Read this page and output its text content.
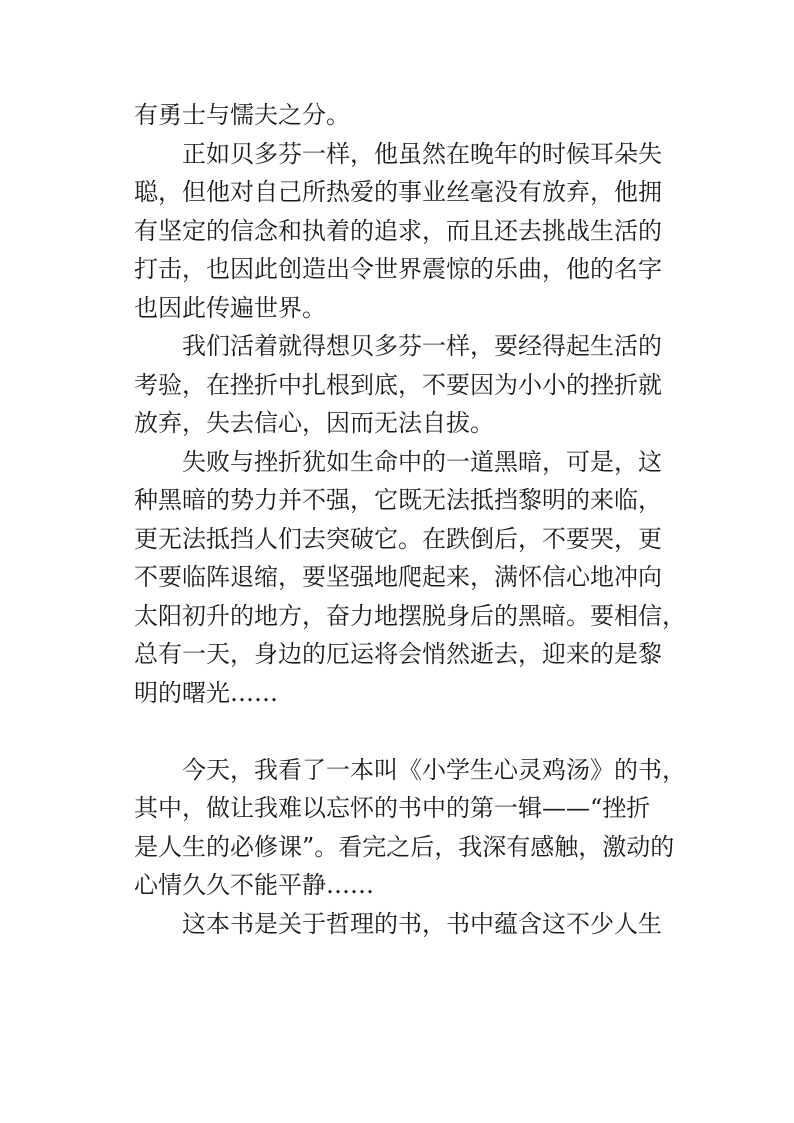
有勇士与懦夫之分。
正如贝多芬一样，他虽然在晚年的时候耳朵失
聪，但他对自己所热爱的事业丝毫没有放弃，他拥
有坚定的信念和执着的追求，而且还去挑战生活的
打击，也因此创造出令世界震惊的乐曲，他的名字
也因此传遍世界。
我们活着就得想贝多芬一样，要经得起生活的
考验，在挫折中扎根到底，不要因为小小的挫折就
放弃，失去信心，因而无法自拔。
失败与挫折犹如生命中的一道黑暗，可是，这
种黑暗的势力并不强，它既无法抵挡黎明的来临，
更无法抵挡人们去突破它。在跌倒后，不要哭，更
不要临阵退缩，要坚强地爬起来，满怀信心地冲向
太阳初升的地方，奋力地摆脱身后的黑暗。要相信，
总有一天，身边的厄运将会悄然逝去，迎来的是黎
明的曙光……
今天，我看了一本叫《小学生心灵鸡汤》的书，
其中，做让我难以忘怀的书中的第一辑——“挫折
是人生的必修课”。看完之后，我深有感触，激动的
心情久久不能平静……
这本书是关于哲理的书，书中蕴含这不少人生
